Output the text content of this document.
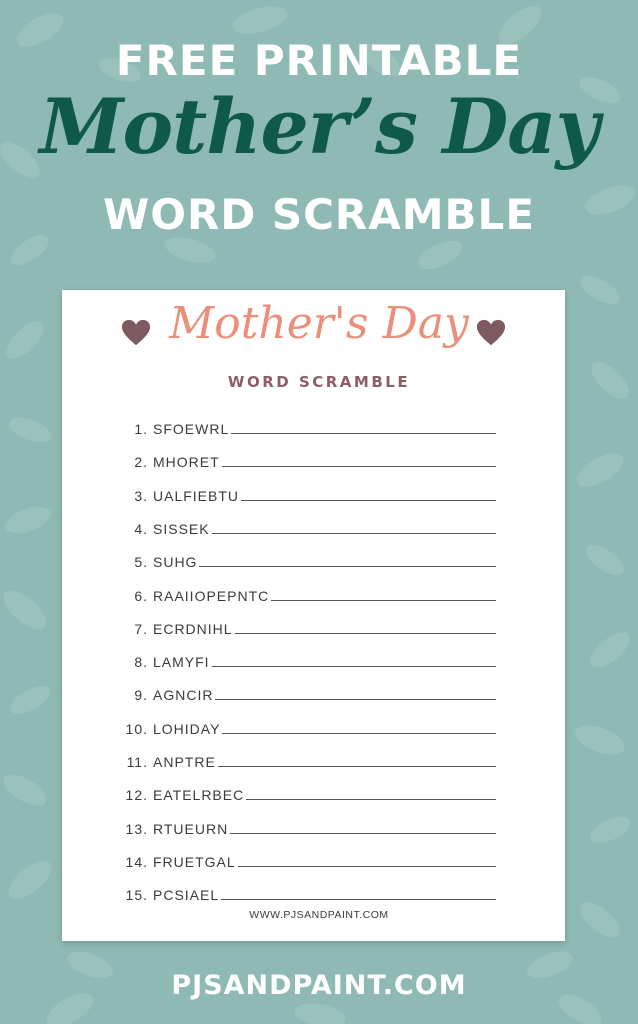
FREE PRINTABLE
Mother’s Day
WORD SCRAMBLE
Mother's Day
WORD SCRAMBLE
1. SFOEWRL
2. MHORET
3. UALFIEBTU
4. SISSEK
5. SUHG
6. RAAIIOPEPNTC
7. ECRDNIHL
8. LAMYFI
9. AGNCIR
10. LOHIDAY
11. ANPTRE
12. EATELRBEC
13. RTUEURN
14. FRUETGAL
15. PCSIAEL
WWW.PJSANDPAINT.COM
PJSANDPAINT.COM
